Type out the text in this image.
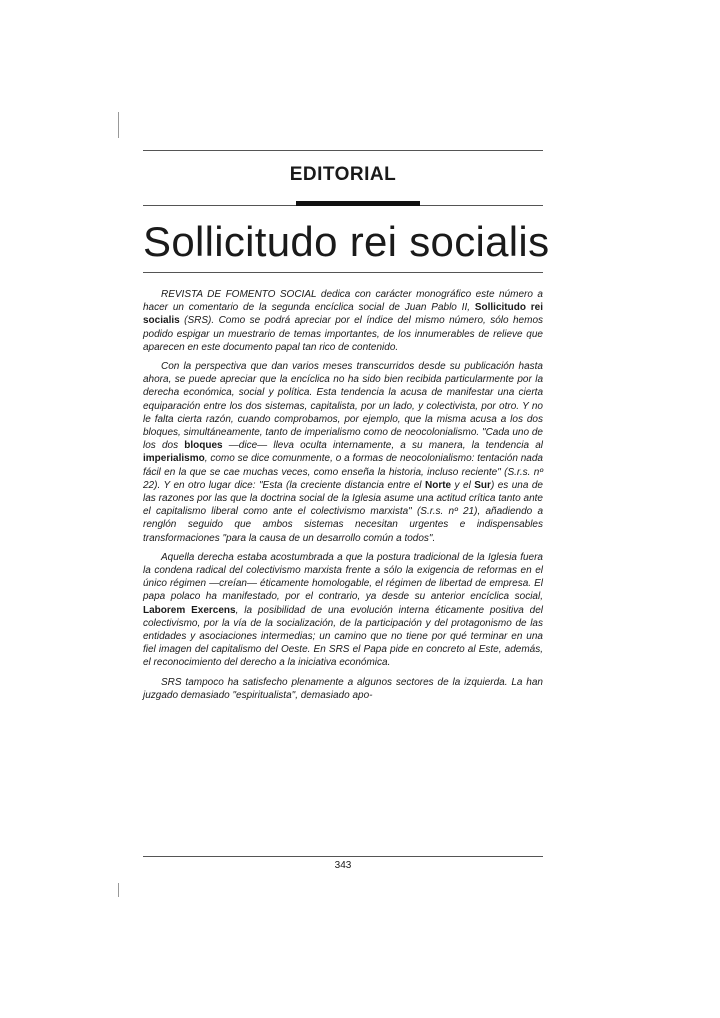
EDITORIAL
Sollicitudo rei socialis

REVISTA DE FOMENTO SOCIAL dedica con carácter monográfico este número a hacer un comentario de la segunda encíclica social de Juan Pablo II, Sollicitudo rei socialis (SRS). Como se podrá apreciar por el índice del mismo número, sólo hemos podido espigar un muestrario de temas importantes, de los innumerables de relieve que aparecen en este documento papal tan rico de contenido.

Con la perspectiva que dan varios meses transcurridos desde su publicación hasta ahora, se puede apreciar que la encíclica no ha sido bien recibida particularmente por la derecha económica, social y política. Esta tendencia la acusa de manifestar una cierta equiparación entre los dos sistemas, capitalista, por un lado, y colectivista, por otro. Y no le falta cierta razón, cuando comprobamos, por ejemplo, que la misma acusa a los dos bloques, simultáneamente, tanto de imperialismo como de neocolonialismo. "Cada uno de los dos bloques —dice— lleva oculta internamente, a su manera, la tendencia al imperialismo, como se dice comunmente, o a formas de neocolonialismo: tentación nada fácil en la que se cae muchas veces, como enseña la historia, incluso reciente" (S.r.s. nº 22). Y en otro lugar dice: "Esta (la creciente distancia entre el Norte y el Sur) es una de las razones por las que la doctrina social de la Iglesia asume una actitud crítica tanto ante el capitalismo liberal como ante el colectivismo marxista" (S.r.s. nº 21), añadiendo a renglón seguido que ambos sistemas necesitan urgentes e indispensables transformaciones "para la causa de un desarrollo común a todos".

Aquella derecha estaba acostumbrada a que la postura tradicional de la Iglesia fuera la condena radical del colectivismo marxista frente a sólo la exigencia de reformas en el único régimen —creían— éticamente homologable, el régimen de libertad de empresa. El papa polaco ha manifestado, por el contrario, ya desde su anterior encíclica social, Laborem Exercens, la posibilidad de una evolución interna éticamente positiva del colectivismo, por la vía de la socialización, de la participación y del protagonismo de las entidades y asociaciones intermedias; un camino que no tiene por qué terminar en una fiel imagen del capitalismo del Oeste. En SRS el Papa pide en concreto al Este, además, el reconocimiento del derecho a la iniciativa económica.

SRS tampoco ha satisfecho plenamente a algunos sectores de la izquierda. La han juzgado demasiado "espiritualista", demasiado apo-

343
